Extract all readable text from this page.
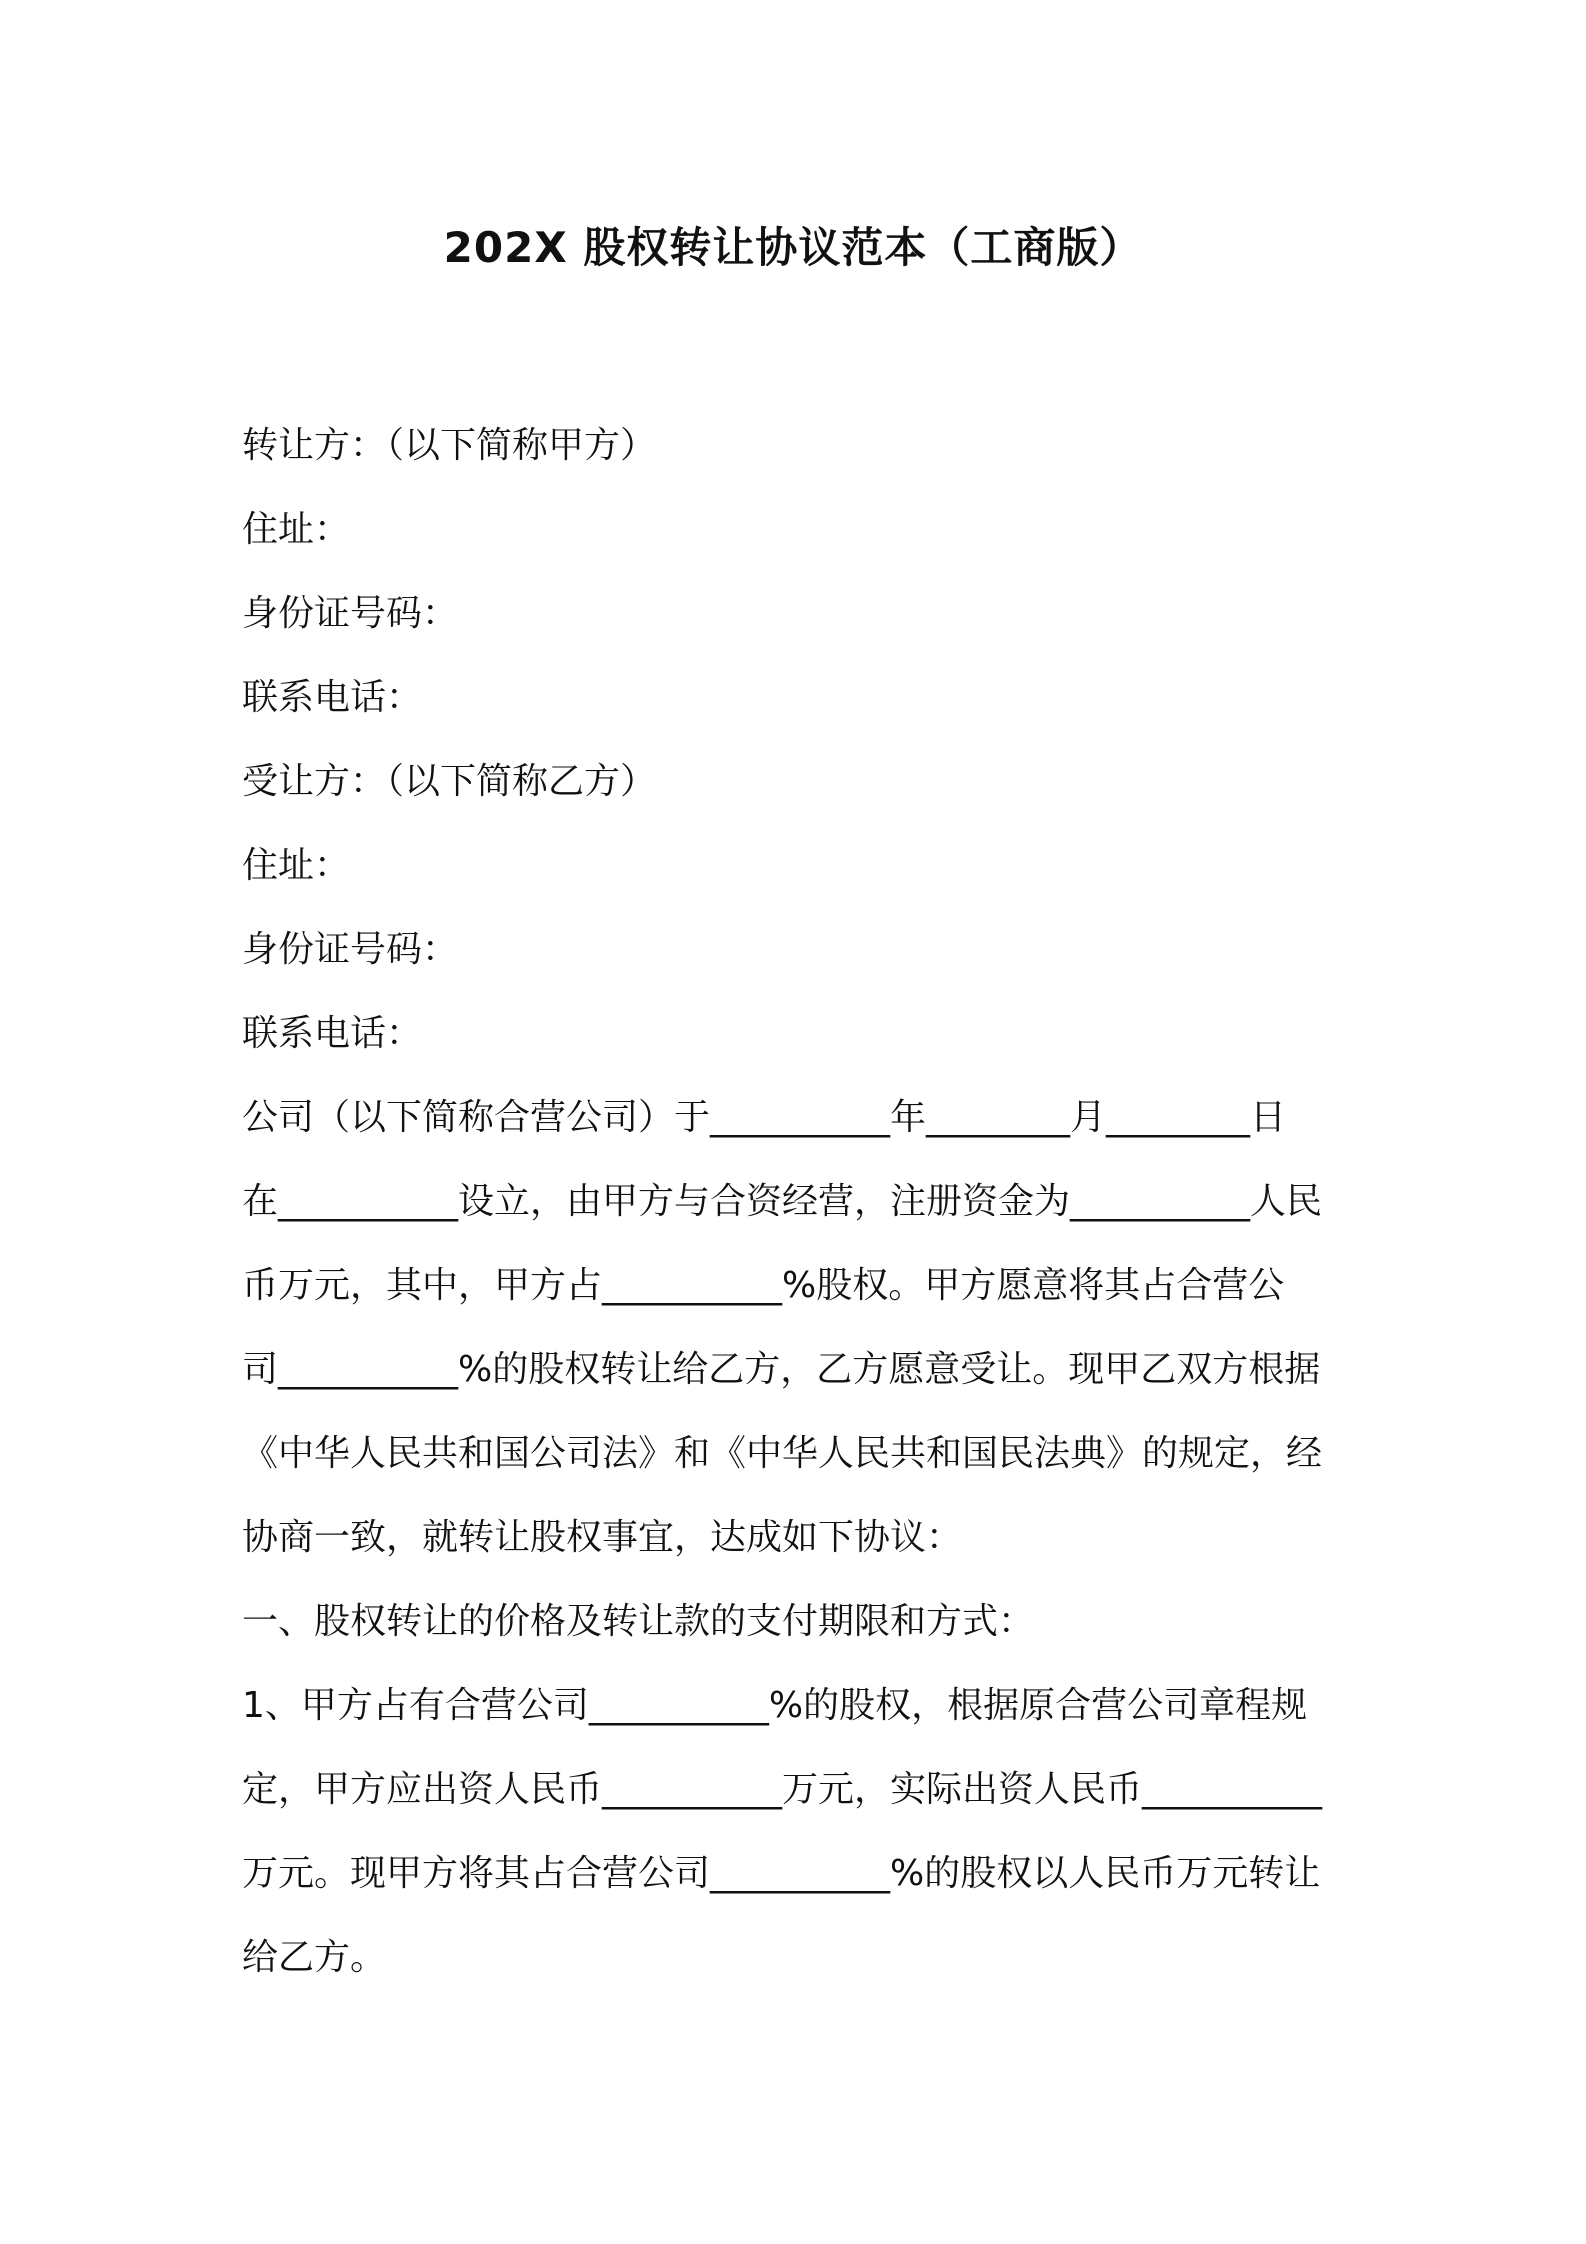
202X 股权转让协议范本（工商版）
转让方：（以下简称甲方）
住址：
身份证号码：
联系电话：
受让方：（以下简称乙方）
住址：
身份证号码：
联系电话：
公司（以下简称合营公司）于__________年________月________日
在__________设立，由甲方与合资经营，注册资金为__________人民
币万元，其中，甲方占__________%股权。甲方愿意将其占合营公
司__________%的股权转让给乙方，乙方愿意受让。现甲乙双方根据
《中华人民共和国公司法》和《中华人民共和国民法典》的规定，经
协商一致，就转让股权事宜，达成如下协议：
一、股权转让的价格及转让款的支付期限和方式：
1、甲方占有合营公司__________%的股权，根据原合营公司章程规
定，甲方应出资人民币__________万元，实际出资人民币__________
万元。现甲方将其占合营公司__________%的股权以人民币万元转让
给乙方。
